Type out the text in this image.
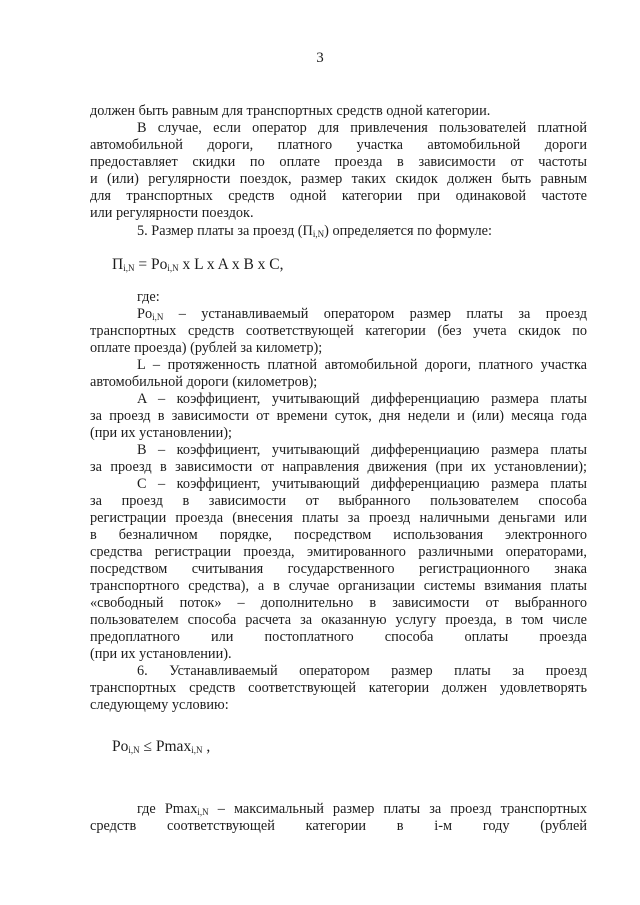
3
должен быть равным для транспортных средств одной категории.
В случае, если оператор для привлечения пользователей платной
автомобильной дороги, платного участка автомобильной дороги
предоставляет скидки по оплате проезда в зависимости от частоты
и (или) регулярности поездок, размер таких скидок должен быть равным
для транспортных средств одной категории при одинаковой частоте
или регулярности поездок.
5. Размер платы за проезд $(П_{i,N})$ определяется по формуле:
$П_{i,N} = Po_{i,N}$ x L x A x B x C,
где:
$Po_{i,N}$ – устанавливаемый оператором размер платы за проезд
транспортных средств соответствующей категории (без учета скидок по
оплате проезда) (рублей за километр);
L – протяженность платной автомобильной дороги, платного участка
автомобильной дороги (километров);
A – коэффициент, учитывающий дифференциацию размера платы
за проезд в зависимости от времени суток, дня недели и (или) месяца года
(при их установлении);
B – коэффициент, учитывающий дифференциацию размера платы
за проезд в зависимости от направления движения (при их установлении);
C – коэффициент, учитывающий дифференциацию размера платы
за проезд в зависимости от выбранного пользователем способа
регистрации проезда (внесения платы за проезд наличными деньгами или
в безналичном порядке, посредством использования электронного
средства регистрации проезда, эмитированного различными операторами,
посредством считывания государственного регистрационного знака
транспортного средства), а в случае организации системы взимания платы
«свободный поток» – дополнительно в зависимости от выбранного
пользователем способа расчета за оказанную услугу проезда, в том числе
предоплатного или постоплатного способа оплаты проезда
(при их установлении).
6. Устанавливаемый оператором размер платы за проезд
транспортных средств соответствующей категории должен удовлетворять
следующему условию:
$Po_{i,N} \le Pmax_{i,N}$ ,
где Pmax$_{i,N}$ – максимальный размер платы за проезд транспортных
средств соответствующей категории в i-м году (рублей
